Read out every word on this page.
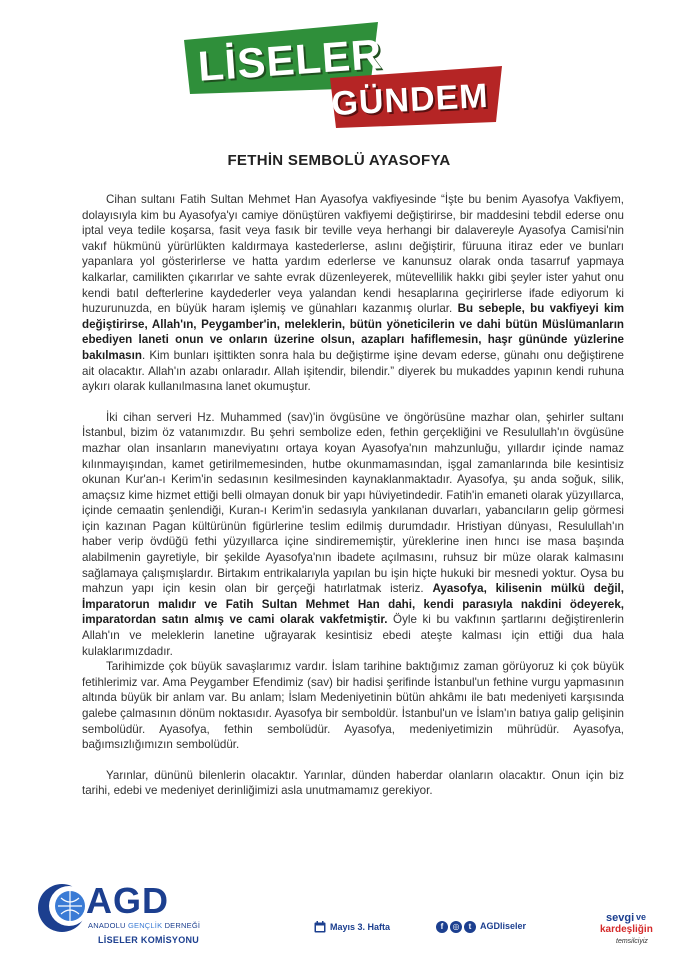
LİSELER
GÜNDEM
FETHİN SEMBOLÜ AYASOFYA

Cihan sultanı Fatih Sultan Mehmet Han Ayasofya vakfiyesinde “İşte bu benim Ayasofya Vakfiyem, dolayısıyla kim bu Ayasofya'yı camiye dönüştüren vakfiyemi değiştirirse, bir maddesini tebdil ederse onu iptal veya tedile koşarsa, fasit veya fasık bir teville veya herhangi bir dalavereyle Ayasofya Camisi'nin vakıf hükmünü yürürlükten kaldırmaya kastederlerse, aslını değiştirir, füruuna itiraz eder ve bunları yapanlara yol gösterirlerse ve hatta yardım ederlerse ve kanunsuz olarak onda tasarruf yapmaya kalkarlar, camilikten çıkarırlar ve sahte evrak düzenleyerek, mütevellilik hakkı gibi şeyler ister yahut onu kendi batıl defterlerine kaydederler veya yalandan kendi hesaplarına geçirirlerse ifade ediyorum ki huzurunuzda, en büyük haram işlemiş ve günahları kazanmış olurlar. Bu sebeple, bu vakfiyeyi kim değiştirirse, Allah'ın, Peygamber'in, meleklerin, bütün yöneticilerin ve dahi bütün Müslümanların ebediyen laneti onun ve onların üzerine olsun, azapları hafiflemesin, haşr gününde yüzlerine bakılmasın. Kim bunları işittikten sonra hala bu değiştirme işine devam ederse, günahı onu değiştirene ait olacaktır. Allah'ın azabı onlaradır. Allah işitendir, bilendir.” diyerek bu mukaddes yapının kendi ruhuna aykırı olarak kullanılmasına lanet okumuştur.

İki cihan serveri Hz. Muhammed (sav)'in övgüsüne ve öngörüsüne mazhar olan, şehirler sultanı İstanbul, bizim öz vatanımızdır. Bu şehri sembolize eden, fethin gerçekliğini ve Resulullah'ın övgüsüne mazhar olan insanların maneviyatını ortaya koyan Ayasofya'nın mahzunluğu, yıllardır içinde namaz kılınmayışından, kamet getirilmemesinden, hutbe okunmamasından, işgal zamanlarında bile kesintisiz okunan Kur'an-ı Kerim'in sedasının kesilmesinden kaynaklanmaktadır. Ayasofya, şu anda soğuk, silik, amaçsız kime hizmet ettiği belli olmayan donuk bir yapı hüviyetindedir. Fatih'in emaneti olarak yüzyıllarca, içinde cemaatin şenlendiği, Kuran-ı Kerim'in sedasıyla yankılanan duvarları, yabancıların gelip görmesi için kazınan Pagan kültürünün figürlerine teslim edilmiş durumdadır. Hristiyan dünyası, Resulullah'ın haber verip övdüğü fethi yüzyıllarca içine sindirememiştir, yüreklerine inen hıncı ise masa başında alabilmenin gayretiyle, bir şekilde Ayasofya'nın ibadete açılmasını, ruhsuz bir müze olarak kalmasını sağlamaya çalışmışlardır. Birtakım entrikalarıyla yapılan bu işin hiçte hukuki bir mesnedi yoktur. Oysa bu mahzun yapı için kesin olan bir gerçeği hatırlatmak isteriz. Ayasofya, kilisenin mülkü değil, İmparatorun malıdır ve Fatih Sultan Mehmet Han dahi, kendi parasıyla nakdini ödeyerek, imparatordan satın almış ve cami olarak vakfetmiştir. Öyle ki bu vakfının şartlarını değiştirenlerin Allah'ın ve meleklerin lanetine uğrayarak kesintisiz ebedi ateşte kalması için ettiği dua hala kulaklarımızdadır.

Tarihimizde çok büyük savaşlarımız vardır. İslam tarihine baktığımız zaman görüyoruz ki çok büyük fetihlerimiz var. Ama Peygamber Efendimiz (sav) bir hadisi şerifinde İstanbul'un fethine vurgu yapmasının altında büyük bir anlam var. Bu anlam; İslam Medeniyetinin bütün ahkâmı ile batı medeniyeti karşısında galebe çalmasının dönüm noktasıdır. Ayasofya bir semboldür. İstanbul'un ve İslam'ın batıya galip gelişinin sembolüdür. Ayasofya, fethin sembolüdür. Ayasofya, medeniyetimizin mührüdür. Ayasofya, bağımsızlığımızın sembolüdür.

Yarınlar, dününü bilenlerin olacaktır. Yarınlar, dünden haberdar olanların olacaktır. Onun için biz tarihi, edebi ve medeniyet derinliğimizi asla unutmamamız gerekiyor.

AGD
ANADOLU GENÇLİK DERNEĞİ
LİSELER KOMİSYONU
Mayıs 3. Hafta	f	◎	t AGDliseler
sevgi ve
kardeşliğin
temsilciyiz
